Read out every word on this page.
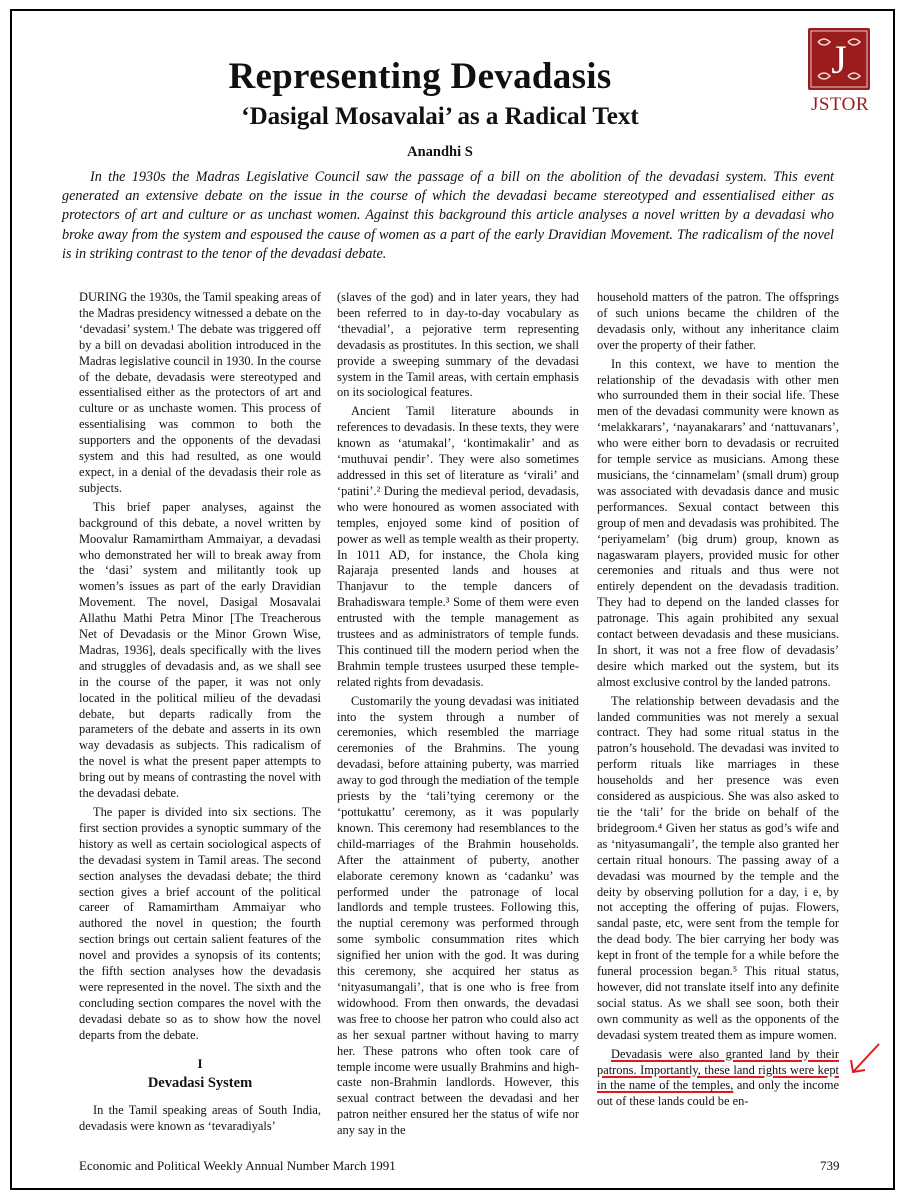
J
JSTOR
Representing Devadasis
‘Dasigal Mosavalai’ as a Radical Text
Anandhi S
In the 1930s the Madras Legislative Council saw the passage of a bill on the abolition of the devadasi system. This event generated an extensive debate on the issue in the course of which the devadasi became stereotyped and essentialised either as protectors of art and culture or as unchast women. Against this background this article analyses a novel written by a devadasi who broke away from the system and espoused the cause of women as a part of the early Dravidian Movement. The radicalism of the novel is in striking contrast to the tenor of the devadasi debate.

DURING the 1930s, the Tamil speaking areas of the Madras presidency witnessed a debate on the ‘devadasi’ system.¹ The debate was triggered off by a bill on devadasi abolition introduced in the Madras legislative council in 1930. In the course of the debate, devadasis were stereotyped and essentialised either as the protectors of art and culture or as unchaste women. This process of essentialising was common to both the supporters and the opponents of the devadasi system and this had resulted, as one would expect, in a denial of the devadasis their role as subjects.

This brief paper analyses, against the background of this debate, a novel written by Moovalur Ramamirtham Ammaiyar, a devadasi who demonstrated her will to break away from the ‘dasi’ system and militantly took up women’s issues as part of the early Dravidian Movement. The novel, Dasigal Mosavalai Allathu Mathi Petra Minor [The Treacherous Net of Devadasis or the Minor Grown Wise, Madras, 1936], deals specifically with the lives and struggles of devadasis and, as we shall see in the course of the paper, it was not only located in the political milieu of the devadasi debate, but departs radically from the parameters of the debate and asserts in its own way devadasis as subjects. This radicalism of the novel is what the present paper attempts to bring out by means of contrasting the novel with the devadasi debate.

The paper is divided into six sections. The first section provides a synoptic summary of the history as well as certain sociological aspects of the devadasi system in Tamil areas. The second section analyses the devadasi debate; the third section gives a brief account of the political career of Ramamirtham Ammaiyar who authored the novel in question; the fourth section brings out certain salient features of the novel and provides a synopsis of its contents; the fifth section analyses how the devadasis were represented in the novel. The sixth and the concluding section compares the novel with the devadasi debate so as to show how the novel departs from the debate.

I
Devadasi System

In the Tamil speaking areas of South India, devadasis were known as ‘tevaradiyals’

(slaves of the god) and in later years, they had been referred to in day-to-day vocabulary as ‘thevadial’, a pejorative term representing devadasis as prostitutes. In this section, we shall provide a sweeping summary of the devadasi system in the Tamil areas, with certain emphasis on its sociological features.

Ancient Tamil literature abounds in references to devadasis. In these texts, they were known as ‘atumakal’, ‘kontimakalir’ and as ‘muthuvai pendir’. They were also sometimes addressed in this set of literature as ‘virali’ and ‘patini’.² During the medieval period, devadasis, who were honoured as women associated with temples, enjoyed some kind of position of power as well as temple wealth as their property. In 1011 AD, for instance, the Chola king Rajaraja presented lands and houses at Thanjavur to the temple dancers of Brahadiswara temple.³ Some of them were even entrusted with the temple management as trustees and as administrators of temple funds. This continued till the modern period when the Brahmin temple trustees usurped these temple-related rights from devadasis.

Customarily the young devadasi was initiated into the system through a number of ceremonies, which resembled the marriage ceremonies of the Brahmins. The young devadasi, before attaining puberty, was married away to god through the mediation of the temple priests by the ‘tali’tying ceremony or the ‘pottukattu’ ceremony, as it was popularly known. This ceremony had resemblances to the child-marriages of the Brahmin households. After the attainment of puberty, another elaborate ceremony known as ‘cadanku’ was performed under the patronage of local landlords and temple trustees. Following this, the nuptial ceremony was performed through some symbolic consummation rites which signified her union with the god. It was during this ceremony, she acquired her status as ‘nityasumangali’, that is one who is free from widowhood. From then onwards, the devadasi was free to choose her patron who could also act as her sexual partner without having to marry her. These patrons who often took care of temple income were usually Brahmins and high-caste non-Brahmin landlords. However, this sexual contract between the devadasi and her patron neither ensured her the status of wife nor any say in the

household matters of the patron. The offsprings of such unions became the children of the devadasis only, without any inheritance claim over the property of their father.

In this context, we have to mention the relationship of the devadasis with other men who surrounded them in their social life. These men of the devadasi community were known as ‘melakkarars’, ‘nayanakarars’ and ‘nattuvanars’, who were either born to devadasis or recruited for temple service as musicians. Among these musicians, the ‘cinnamelam’ (small drum) group was associated with devadasis dance and music performances. Sexual contact between this group of men and devadasis was prohibited. The ‘periyamelam’ (big drum) group, known as nagaswaram players, provided music for other ceremonies and rituals and thus were not entirely dependent on the devadasis tradition. They had to depend on the landed classes for patronage. This again prohibited any sexual contact between devadasis and these musicians. In short, it was not a free flow of devadasis’ desire which marked out the system, but its almost exclusive control by the landed patrons.

The relationship between devadasis and the landed communities was not merely a sexual contract. They had some ritual status in the patron’s household. The devadasi was invited to perform rituals like marriages in these households and her presence was even considered as auspicious. She was also asked to tie the ‘tali’ for the bride on behalf of the bridegroom.⁴ Given her status as god’s wife and as ‘nityasumangali’, the temple also granted her certain ritual honours. The passing away of a devadasi was mourned by the temple and the deity by observing pollution for a day, i e, by not accepting the offering of pujas. Flowers, sandal paste, etc, were sent from the temple for the dead body. The bier carrying her body was kept in front of the temple for a while before the funeral procession began.⁵ This ritual status, however, did not translate itself into any definite social status. As we shall see soon, both their own community as well as the opponents of the devadasi system treated them as impure women.

Devadasis were also granted land by their patrons. Importantly, these land rights were kept in the name of the temples, and only the income out of these lands could be en-

Economic and Political Weekly Annual Number March 1991	739
